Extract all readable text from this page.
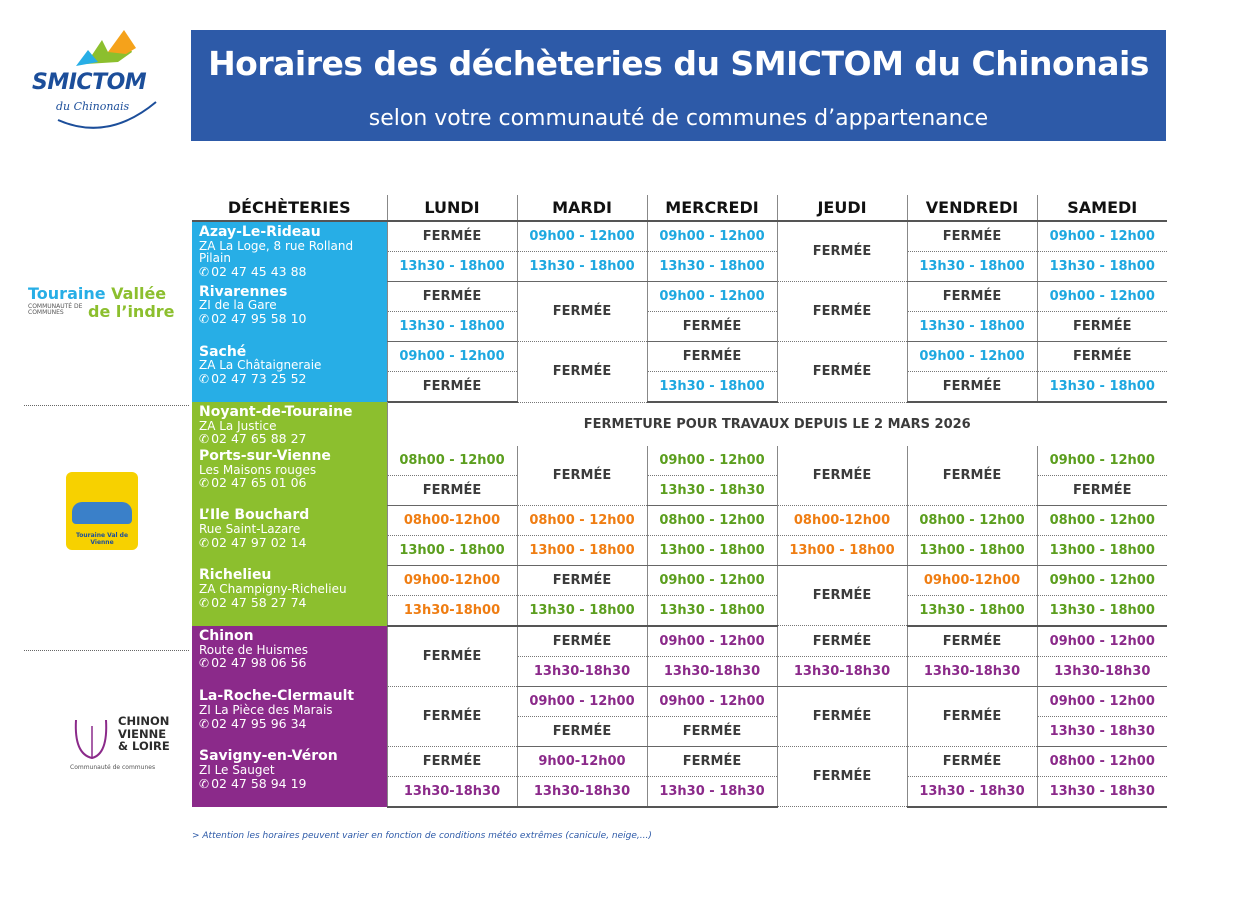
SMICTOM
du Chinonais
Horaires des déchèteries du SMICTOM du Chinonais
selon votre communauté de communes d’appartenance
DÉCHÈTERIES	LUNDI	MARDI	MERCREDI	JEUDI	VENDREDI	SAMEDI

Azay-Le-Rideau
ZA La Loge, 8 rue Rolland Pilain
✆ 02 47 45 43 88	FERMÉE	09h00 - 12h00	09h00 - 12h00	FERMÉE	FERMÉE	09h00 - 12h00
	13h30 - 18h00	13h30 - 18h00	13h30 - 18h00		13h30 - 18h00	13h30 - 18h00

Rivarennes
ZI de la Gare
✆ 02 47 95 58 10	FERMÉE	FERMÉE	09h00 - 12h00	FERMÉE	FERMÉE	09h00 - 12h00
	13h30 - 18h00		FERMÉE		13h30 - 18h00	FERMÉE

Saché
ZA La Châtaigneraie
✆ 02 47 73 25 52	09h00 - 12h00	FERMÉE	FERMÉE	FERMÉE	09h00 - 12h00	FERMÉE
	FERMÉE		13h30 - 18h00		FERMÉE	13h30 - 18h00

Noyant-de-Touraine
ZA La Justice
✆ 02 47 65 88 27	FERMETURE POUR TRAVAUX DEPUIS LE 2 MARS 2026					

Ports-sur-Vienne
Les Maisons rouges
✆ 02 47 65 01 06	08h00 - 12h00	FERMÉE	09h00 - 12h00	FERMÉE	FERMÉE	09h00 - 12h00
	FERMÉE		13h30 - 18h30			FERMÉE

L’Ile Bouchard
Rue Saint-Lazare
✆ 02 47 97 02 14	08h00-12h00	08h00 - 12h00	08h00 - 12h00	08h00-12h00	08h00 - 12h00	08h00 - 12h00
	13h00 - 18h00	13h00 - 18h00	13h00 - 18h00	13h00 - 18h00	13h00 - 18h00	13h00 - 18h00

Richelieu
ZA Champigny-Richelieu
✆ 02 47 58 27 74	09h00-12h00	FERMÉE	09h00 - 12h00	FERMÉE	09h00-12h00	09h00 - 12h00
	13h30-18h00	13h30 - 18h00	13h30 - 18h00		13h30 - 18h00	13h30 - 18h00

Chinon
Route de Huismes
✆ 02 47 98 06 56	FERMÉE	FERMÉE	09h00 - 12h00	FERMÉE	FERMÉE	09h00 - 12h00
		13h30-18h30	13h30-18h30	13h30-18h30	13h30-18h30	13h30-18h30

La-Roche-Clermault
ZI La Pièce des Marais
✆ 02 47 95 96 34	FERMÉE	09h00 - 12h00	09h00 - 12h00	FERMÉE	FERMÉE	09h00 - 12h00
		FERMÉE	FERMÉE			13h30 - 18h30

Savigny-en-Véron
ZI Le Sauget
✆ 02 47 58 94 19	FERMÉE	9h00-12h00	FERMÉE	FERMÉE	FERMÉE	08h00 - 12h00
	13h30-18h30	13h30-18h30	13h30 - 18h30		13h30 - 18h30	13h30 - 18h30
Touraine Vallée
COMMUNAUTÉ DE COMMUNES	de l’indre
Touraine Val de Vienne
CHINON
VIENNE
& LOIRE
Communauté de communes
> Attention les horaires peuvent varier en fonction de conditions météo extrêmes (canicule, neige,...)
